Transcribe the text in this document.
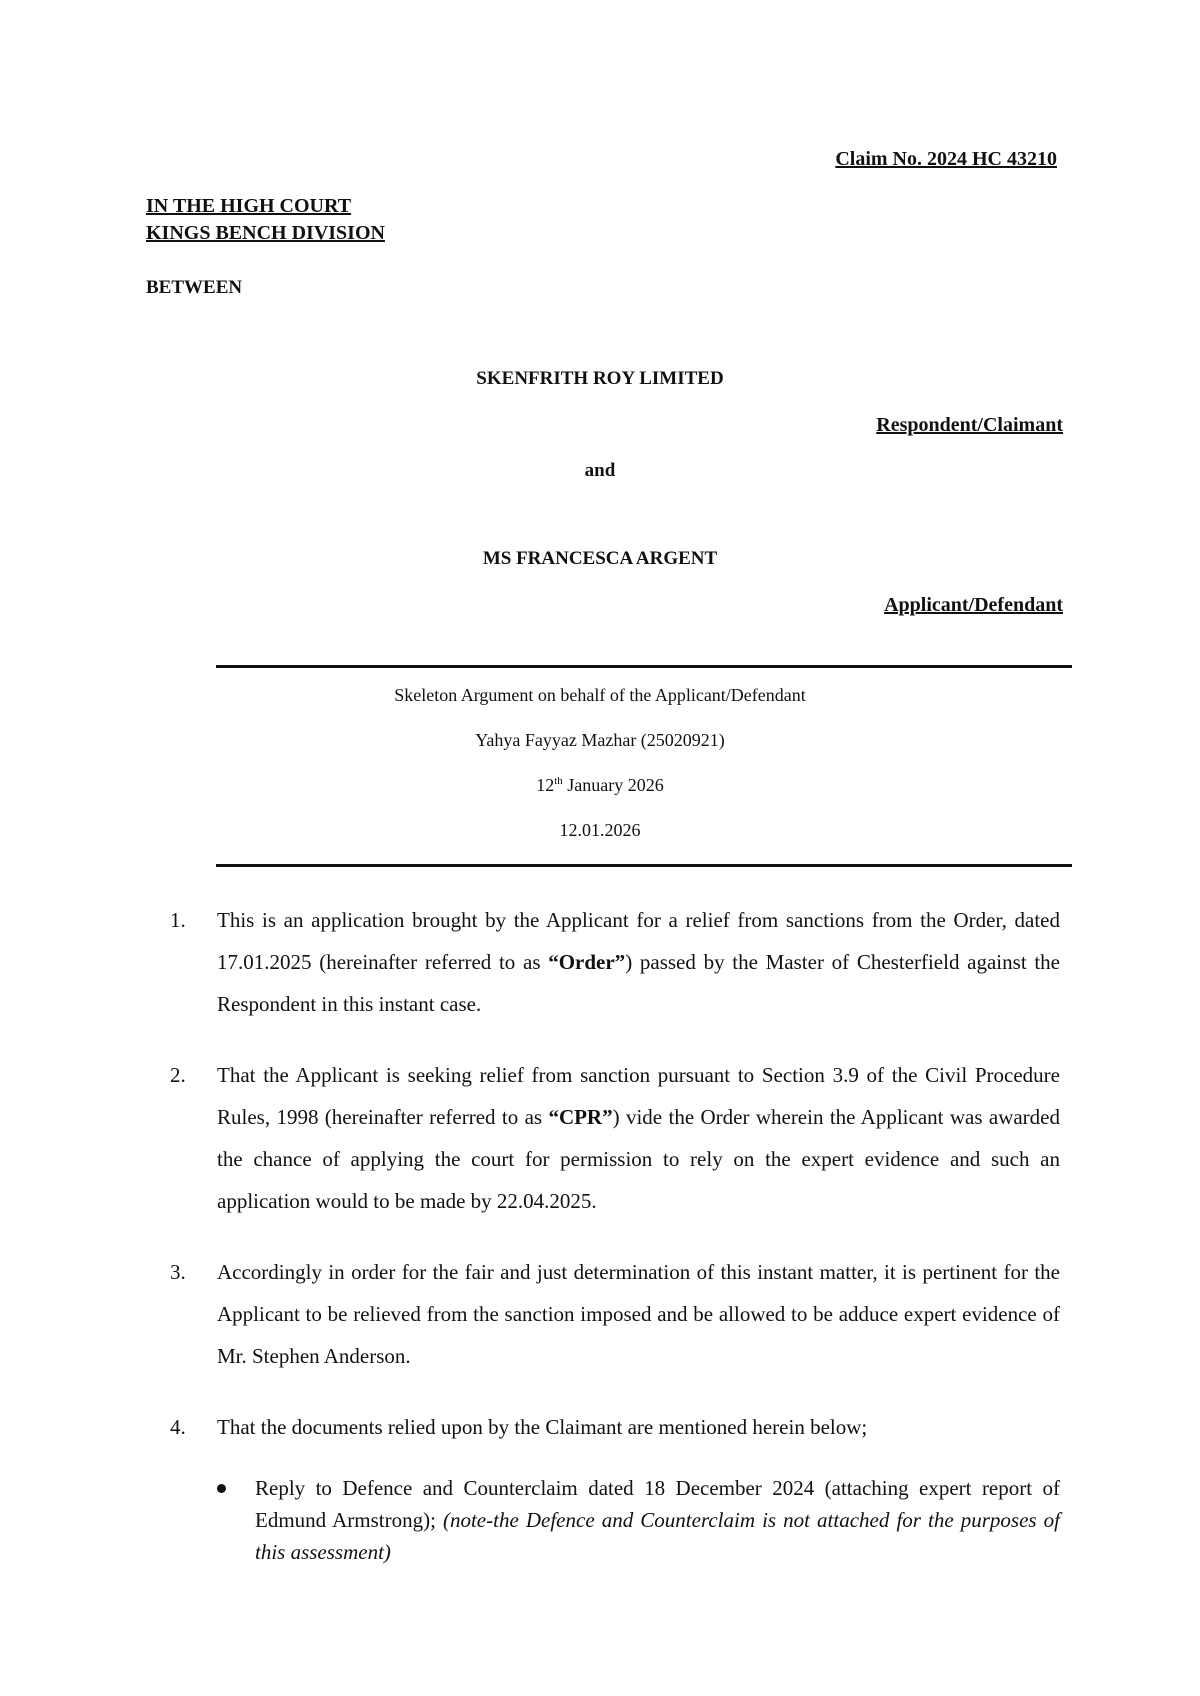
Claim No. 2024 HC 43210
IN THE HIGH COURT
KINGS BENCH DIVISION
BETWEEN
SKENFRITH ROY LIMITED
Respondent/Claimant
and
MS FRANCESCA ARGENT
Applicant/Defendant
Skeleton Argument on behalf of the Applicant/Defendant
Yahya Fayyaz Mazhar (25020921)
12th January 2026
12.01.2026
1.	This is an application brought by the Applicant for a relief from sanctions from the Order, dated 17.01.2025 (hereinafter referred to as “Order”) passed by the Master of Chesterfield against the Respondent in this instant case.
2.	That the Applicant is seeking relief from sanction pursuant to Section 3.9 of the Civil Procedure Rules, 1998 (hereinafter referred to as “CPR”) vide the Order wherein the Applicant was awarded the chance of applying the court for permission to rely on the expert evidence and such an application would to be made by 22.04.2025.
3.	Accordingly in order for the fair and just determination of this instant matter, it is pertinent for the Applicant to be relieved from the sanction imposed and be allowed to be adduce expert evidence of Mr. Stephen Anderson.
4.	That the documents relied upon by the Claimant are mentioned herein below;
Reply to Defence and Counterclaim dated 18 December 2024 (attaching expert report of Edmund Armstrong); (note-the Defence and Counterclaim is not attached for the purposes of this assessment)
